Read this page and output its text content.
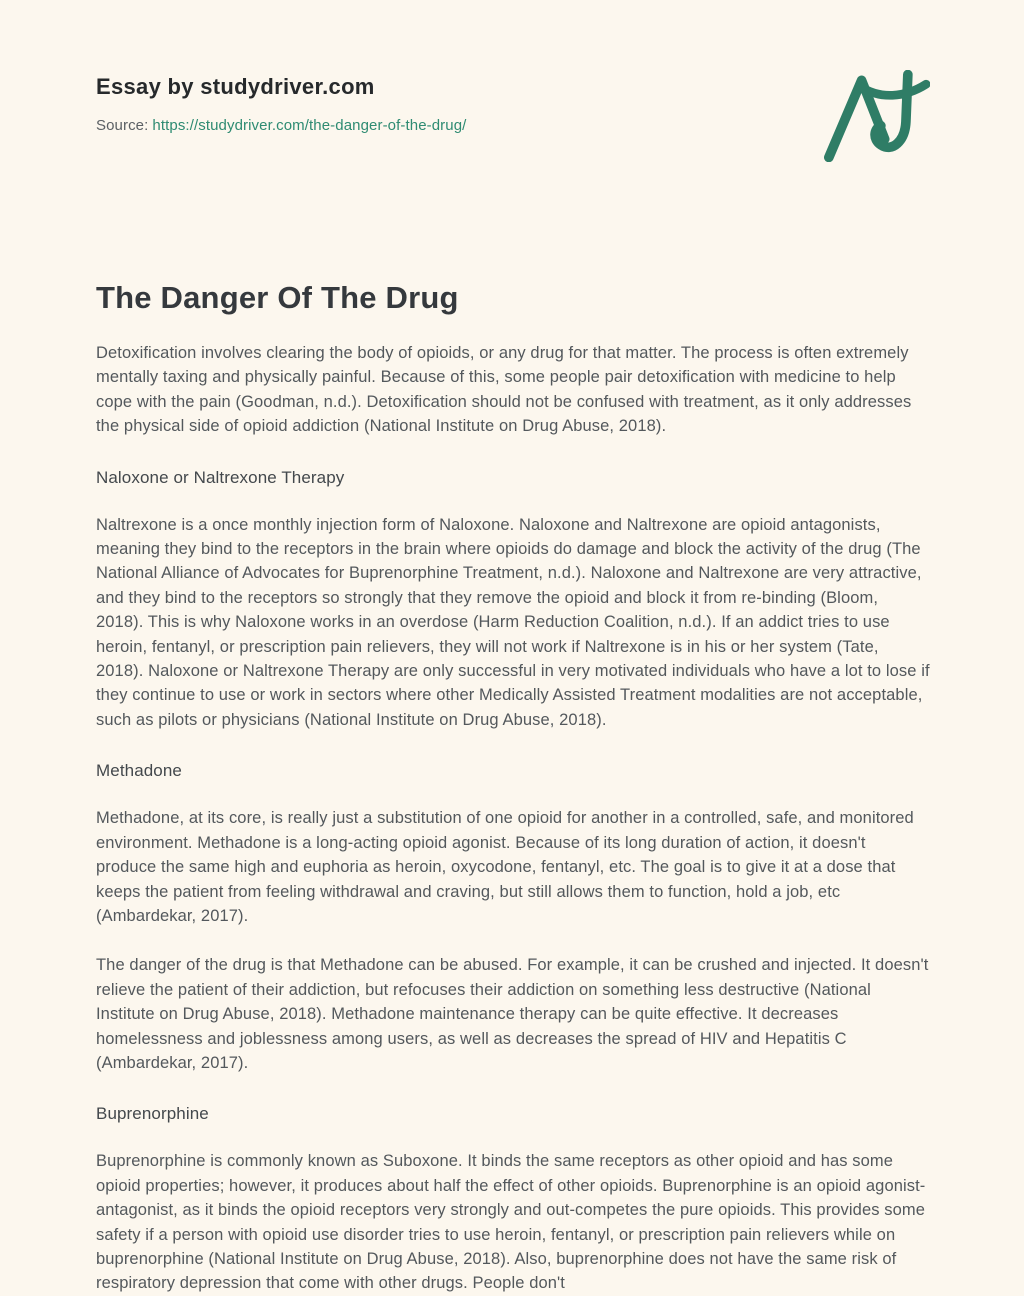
Essay by studydriver.com
Source: https://studydriver.com/the-danger-of-the-drug/
The Danger Of The Drug

Detoxification involves clearing the body of opioids, or any drug for that matter. The process is often extremely mentally taxing and physically painful. Because of this, some people pair detoxification with medicine to help cope with the pain (Goodman, n.d.). Detoxification should not be confused with treatment, as it only addresses the physical side of opioid addiction (National Institute on Drug Abuse, 2018).

Naloxone or Naltrexone Therapy

Naltrexone is a once monthly injection form of Naloxone. Naloxone and Naltrexone are opioid antagonists, meaning they bind to the receptors in the brain where opioids do damage and block the activity of the drug (The National Alliance of Advocates for Buprenorphine Treatment, n.d.). Naloxone and Naltrexone are very attractive, and they bind to the receptors so strongly that they remove the opioid and block it from re-binding (Bloom, 2018). This is why Naloxone works in an overdose (Harm Reduction Coalition, n.d.). If an addict tries to use heroin, fentanyl, or prescription pain relievers, they will not work if Naltrexone is in his or her system (Tate, 2018). Naloxone or Naltrexone Therapy are only successful in very motivated individuals who have a lot to lose if they continue to use or work in sectors where other Medically Assisted Treatment modalities are not acceptable, such as pilots or physicians (National Institute on Drug Abuse, 2018).

Methadone

Methadone, at its core, is really just a substitution of one opioid for another in a controlled, safe, and monitored environment. Methadone is a long-acting opioid agonist. Because of its long duration of action, it doesn't produce the same high and euphoria as heroin, oxycodone, fentanyl, etc. The goal is to give it at a dose that keeps the patient from feeling withdrawal and craving, but still allows them to function, hold a job, etc (Ambardekar, 2017).

The danger of the drug is that Methadone can be abused. For example, it can be crushed and injected. It doesn't relieve the patient of their addiction, but refocuses their addiction on something less destructive (National Institute on Drug Abuse, 2018). Methadone maintenance therapy can be quite effective. It decreases homelessness and joblessness among users, as well as decreases the spread of HIV and Hepatitis C (Ambardekar, 2017).

Buprenorphine

Buprenorphine is commonly known as Suboxone. It binds the same receptors as other opioid and has some opioid properties; however, it produces about half the effect of other opioids. Buprenorphine is an opioid agonist-antagonist, as it binds the opioid receptors very strongly and out-competes the pure opioids. This provides some safety if a person with opioid use disorder tries to use heroin, fentanyl, or prescription pain relievers while on buprenorphine (National Institute on Drug Abuse, 2018). Also, buprenorphine does not have the same risk of respiratory depression that come with other drugs. People don't
